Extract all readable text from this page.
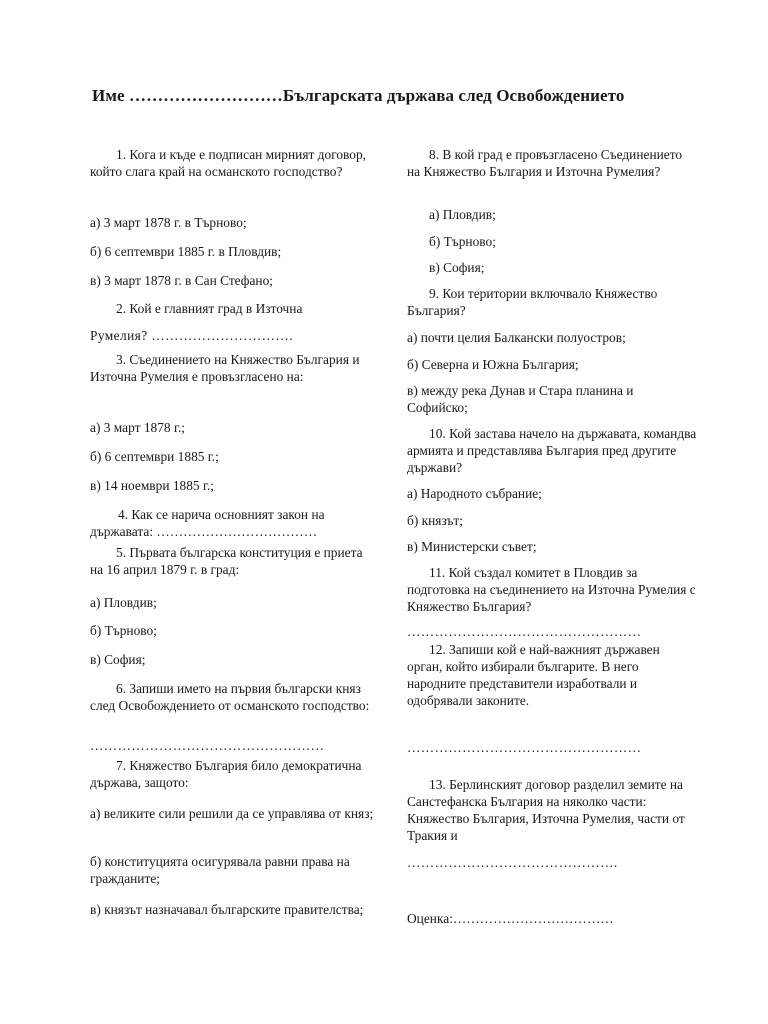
Име ………………………Българската държава след Освобождението

1. Кога и къде е подписан мирният договор, който слага край на османското господство?

а) 3 март 1878 г. в Търново;

б) 6 септември 1885 г. в Пловдив;

в) 3 март 1878 г. в Сан Стефано;

2. Кой е главният град в Източна

Румелия? ………………………….

3. Съединението на Княжество България и Източна Румелия е провъзгласено на:

а) 3 март 1878 г.;

б) 6 септември 1885 г.;

в) 14 ноември 1885 г.;

4. Как се нарича основният закон на държавата: ………………………………

5. Първата българска конституция е приета на 16 април 1879 г. в град:

а) Пловдив;

б) Търново;

в) София;

6. Запиши името на първия български княз след Освобождението от османското господство:

……………………………………………

7. Княжество България било демократична държава, защото:

а) великите сили решили да се управлява от княз;

б) конституцията осигурявала равни права на гражданите;

в) князът назначавал българските правителства;

8. В кой град е провъзгласено Съединението на Княжество България и Източна Румелия?

а) Пловдив;

б) Търново;

в) София;

9. Кои територии включвало Княжество България?

а) почти целия Балкански полуостров;

б) Северна и Южна България;

в) между река Дунав и Стара планина и Софийско;

10. Кой застава начело на държавата, командва армията и представлява България пред другите държави?

а) Народното събрание;

б) князът;

в) Министерски съвет;

11. Кой създал комитет в Пловдив за подготовка на съединението на Източна Румелия с Княжество България?

……………………………………………

12. Запиши кой е най-важният държавен орган, който избирали българите. В него народните представители изработвали и одобрявали законите.

……………………………………………

13. Берлинският договор разделил земите на Санстефанска България на няколко части: Княжество България, Източна Румелия, части от Тракия и

……………………………………….

Оценка:………………………………
